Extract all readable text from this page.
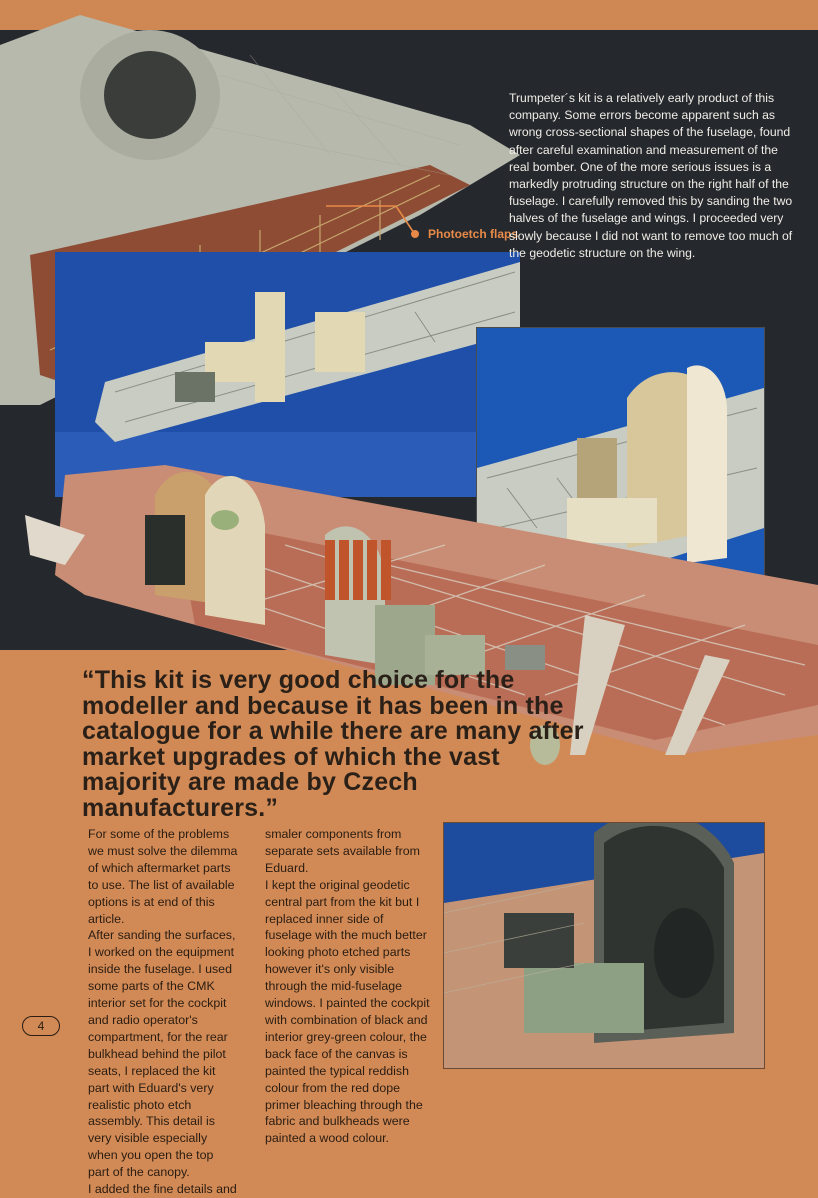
Photoetch flaps
Trumpeter´s kit is a relatively early product of this company. Some errors become apparent such as wrong cross-sectional shapes of the fuselage, found after careful examination and measurement of the real bomber. One of the more serious issues is a markedly protruding structure on the right half of the fuselage. I carefully removed this by sanding the two halves of the fuselage and wings. I proceeded very slowly because I did not want to remove too much of the geodetic structure on the wing.
“This kit is very good choice for the modeller and because it has been in the catalogue for a while there are many after market upgrades of which the vast majority are made by Czech manufacturers.”
For some of the problems we must solve the dilemma of which aftermarket parts to use. The list of available options is at end of this article.
After sanding the surfaces, I worked on the equipment inside the fuselage. I used some parts of the CMK interior set for the cockpit and radio operator's compartment, for the rear bulkhead behind the pilot seats, I replaced the kit part with Eduard's very realistic photo etch assembly. This detail is very visible especially when you open the top part of the canopy.
I added the fine details and
smaler components from separate sets available from Eduard.
I kept the original geodetic central part from the kit but I replaced inner side of fuselage with the much better looking photo etched parts however it's only visible through the mid-fuselage windows. I painted the cockpit with combination of black and interior grey-green colour, the back face of the canvas is painted the typical reddish colour from the red dope primer bleaching through the fabric and bulkheads were painted a wood colour.
4
